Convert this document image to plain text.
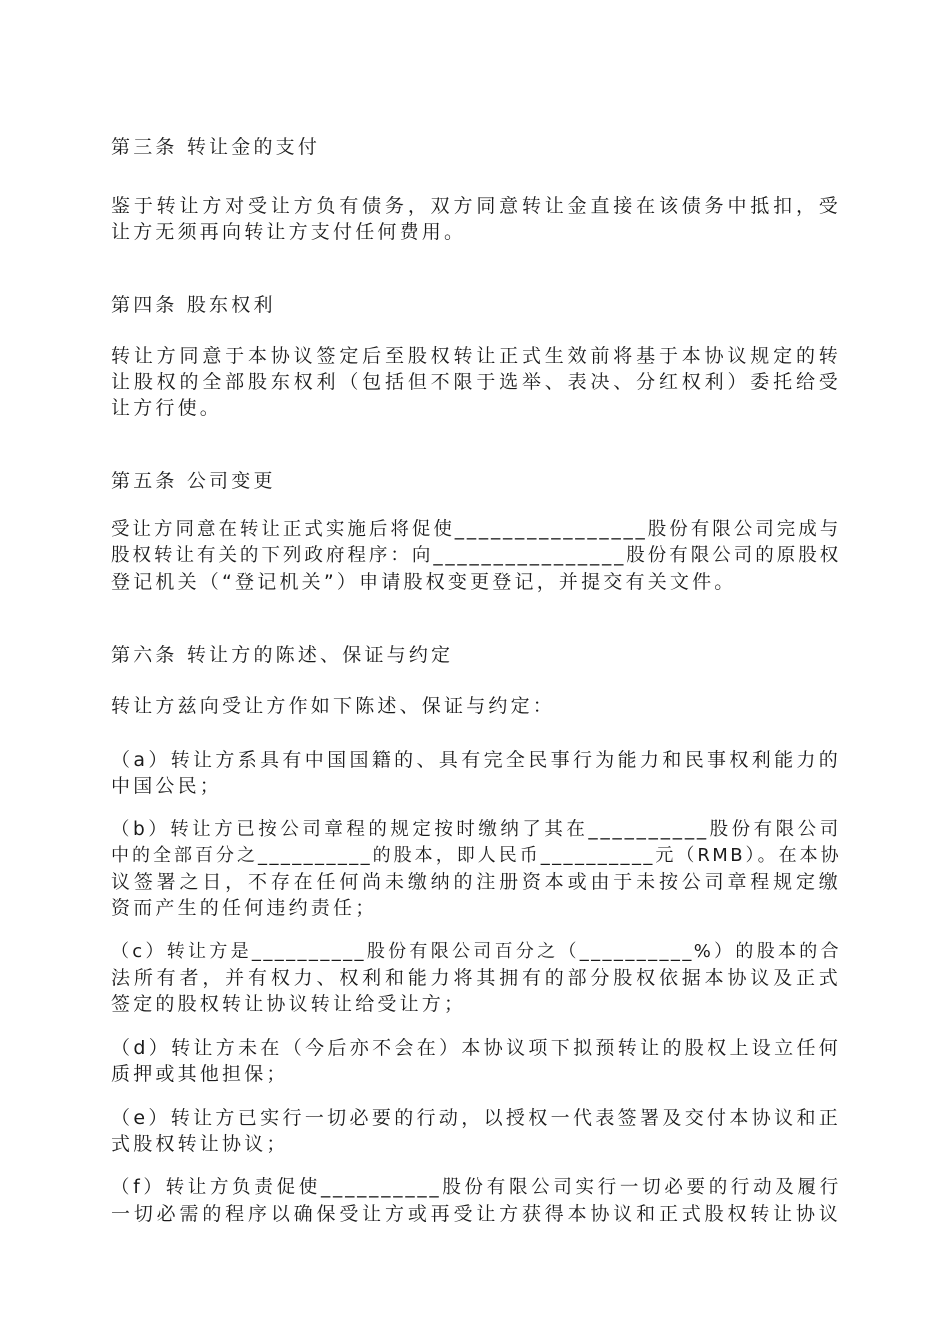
第三条 转让金的支付

鉴于转让方对受让方负有债务，双方同意转让金直接在该债务中抵扣，受
让方无须再向转让方支付任何费用。

第四条 股东权利

转让方同意于本协议签定后至股权转让正式生效前将基于本协议规定的转
让股权的全部股东权利（包括但不限于选举、表决、分红权利）委托给受
让方行使。

第五条 公司变更

受让方同意在转让正式实施后将促使________________股份有限公司完成与
股权转让有关的下列政府程序：向________________股份有限公司的原股权
登记机关（“登记机关”）申请股权变更登记，并提交有关文件。

第六条 转让方的陈述、保证与约定

转让方兹向受让方作如下陈述、保证与约定：
（a）转让方系具有中国国籍的、具有完全民事行为能力和民事权利能力的
中国公民；
（b）转让方已按公司章程的规定按时缴纳了其在__________股份有限公司
中的全部百分之__________的股本，即人民币__________元（RMB）。在本协
议签署之日，不存在任何尚未缴纳的注册资本或由于未按公司章程规定缴
资而产生的任何违约责任；
（c）转让方是__________股份有限公司百分之（__________%）的股本的合
法所有者，并有权力、权利和能力将其拥有的部分股权依据本协议及正式
签定的股权转让协议转让给受让方；
（d）转让方未在（今后亦不会在）本协议项下拟预转让的股权上设立任何
质押或其他担保；
（e）转让方已实行一切必要的行动，以授权一代表签署及交付本协议和正
式股权转让协议；
（f）转让方负责促使__________股份有限公司实行一切必要的行动及履行
一切必需的程序以确保受让方或再受让方获得本协议和正式股权转让协议
